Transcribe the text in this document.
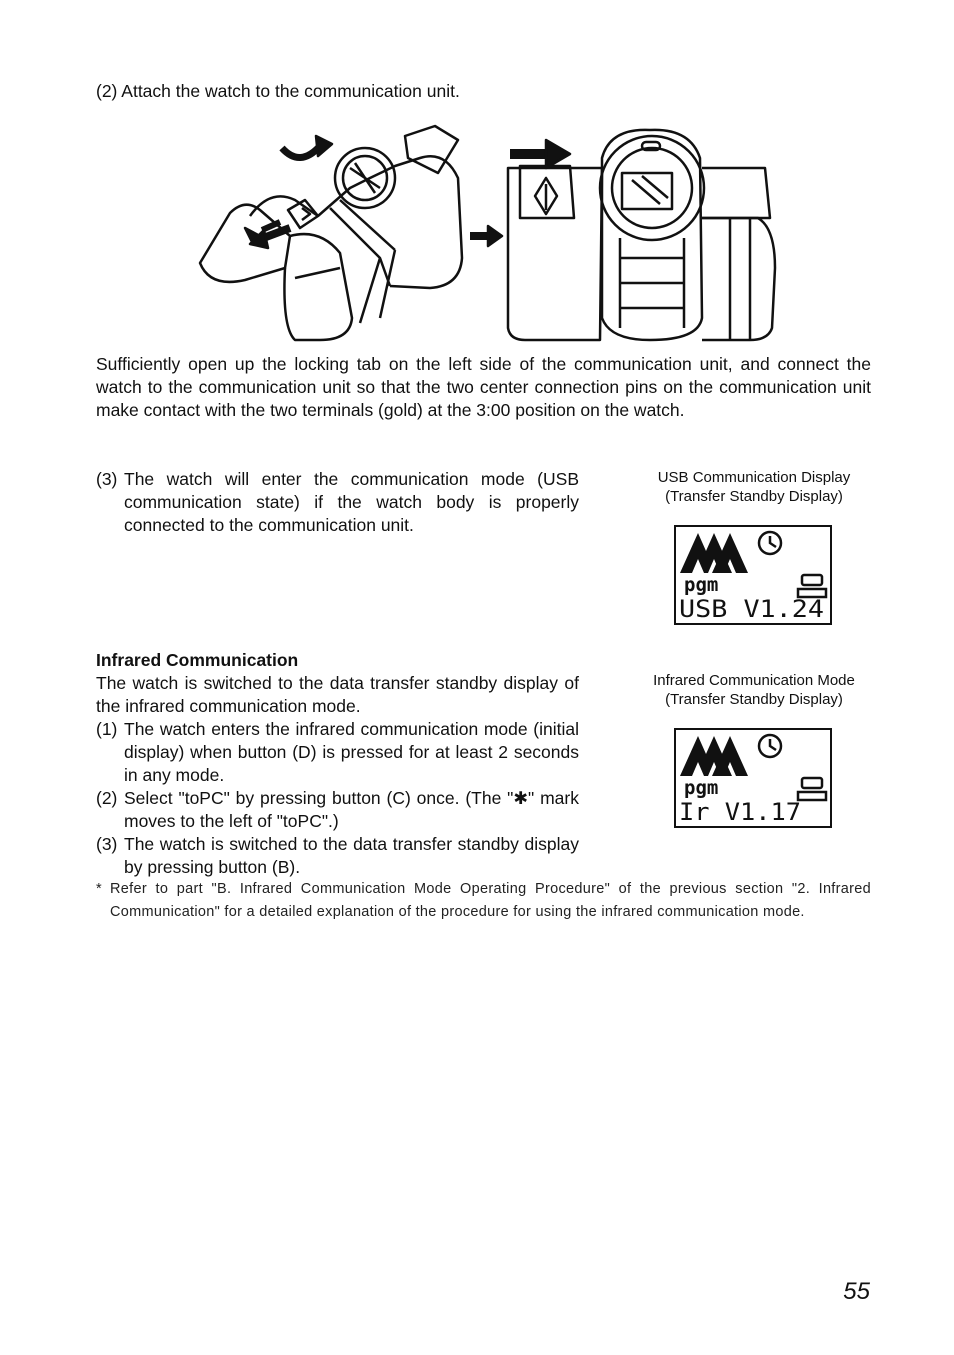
(2) Attach the watch to the communication unit.
Sufficiently open up the locking tab on the left side of the communication unit, and connect the watch to the communication unit so that the two center connection pins on the communication unit make contact with the two terminals (gold) at the 3:00 position on the watch.
(3) The watch will enter the communication mode (USB communication state) if the watch body is properly connected to the communication unit.
USB Communication Display
(Transfer Standby Display)
pgm
USB V1.24
Infrared Communication
The watch is switched to the data transfer standby display of the infrared communication mode.
(1) The watch enters the infrared communication mode (initial display) when button (D) is pressed for at least 2 seconds in any mode.
(2) Select "toPC" by pressing button (C) once. (The "✱" mark moves to the left of "toPC".)
(3) The watch is switched to the data transfer standby display by pressing button (B).
Infrared Communication Mode
(Transfer Standby Display)
pgm
Ir V1.17
* Refer to part "B. Infrared Communication Mode Operating Procedure" of the previous section "2. Infrared Communication" for a detailed explanation of the procedure for using the infrared communication mode.
55
